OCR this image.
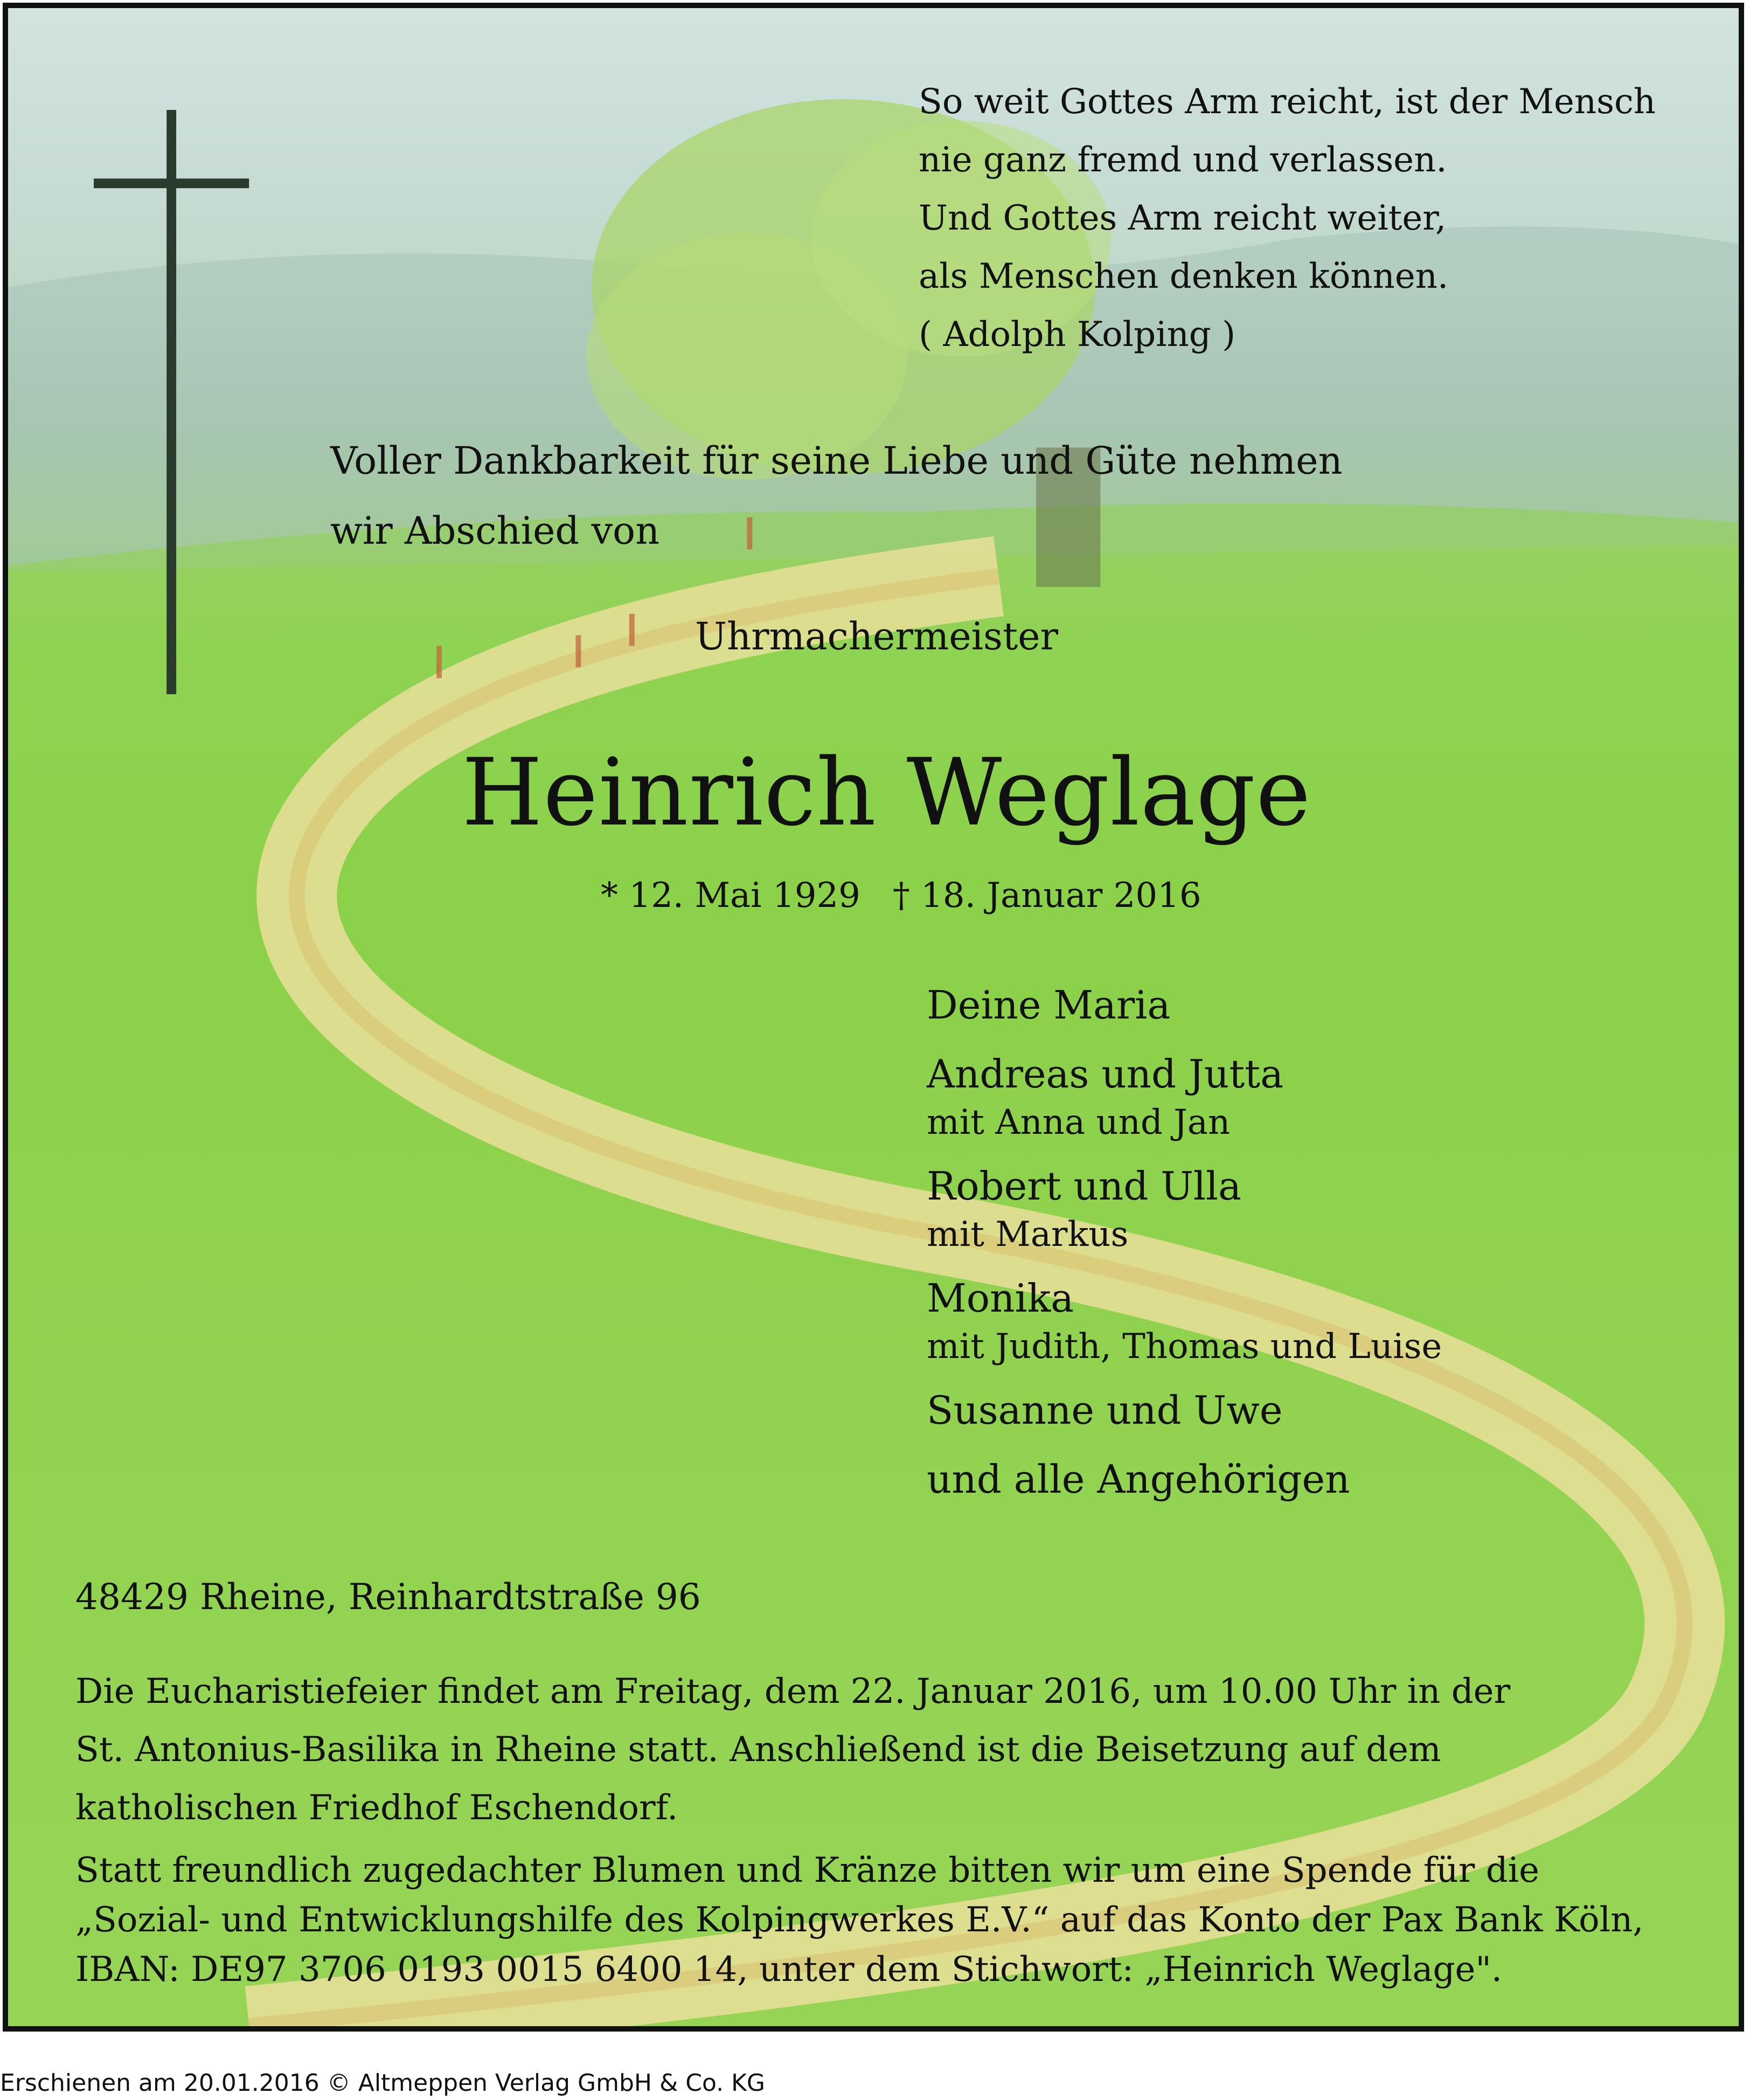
So weit Gottes Arm reicht, ist der Mensch
nie ganz fremd und verlassen.
Und Gottes Arm reicht weiter,
als Menschen denken können.
( Adolph Kolping )
Voller Dankbarkeit für seine Liebe und Güte nehmen
wir Abschied von
Uhrmachermeister
Heinrich Weglage
* 12. Mai 1929 † 18. Januar 2016
Deine Maria
Andreas und Jutta
mit Anna und Jan
Robert und Ulla
mit Markus
Monika
mit Judith, Thomas und Luise
Susanne und Uwe
und alle Angehörigen
48429 Rheine, Reinhardtstraße 96
Die Eucharistiefeier findet am Freitag, dem 22. Januar 2016, um 10.00 Uhr in der
St. Antonius-Basilika in Rheine statt. Anschließend ist die Beisetzung auf dem
katholischen Friedhof Eschendorf.
Statt freundlich zugedachter Blumen und Kränze bitten wir um eine Spende für die
„Sozial- und Entwicklungshilfe des Kolpingwerkes E.V.“ auf das Konto der Pax Bank Köln,
IBAN: DE97 3706 0193 0015 6400 14, unter dem Stichwort: „Heinrich Weglage".
Erschienen am 20.01.2016 © Altmeppen Verlag GmbH & Co. KG
